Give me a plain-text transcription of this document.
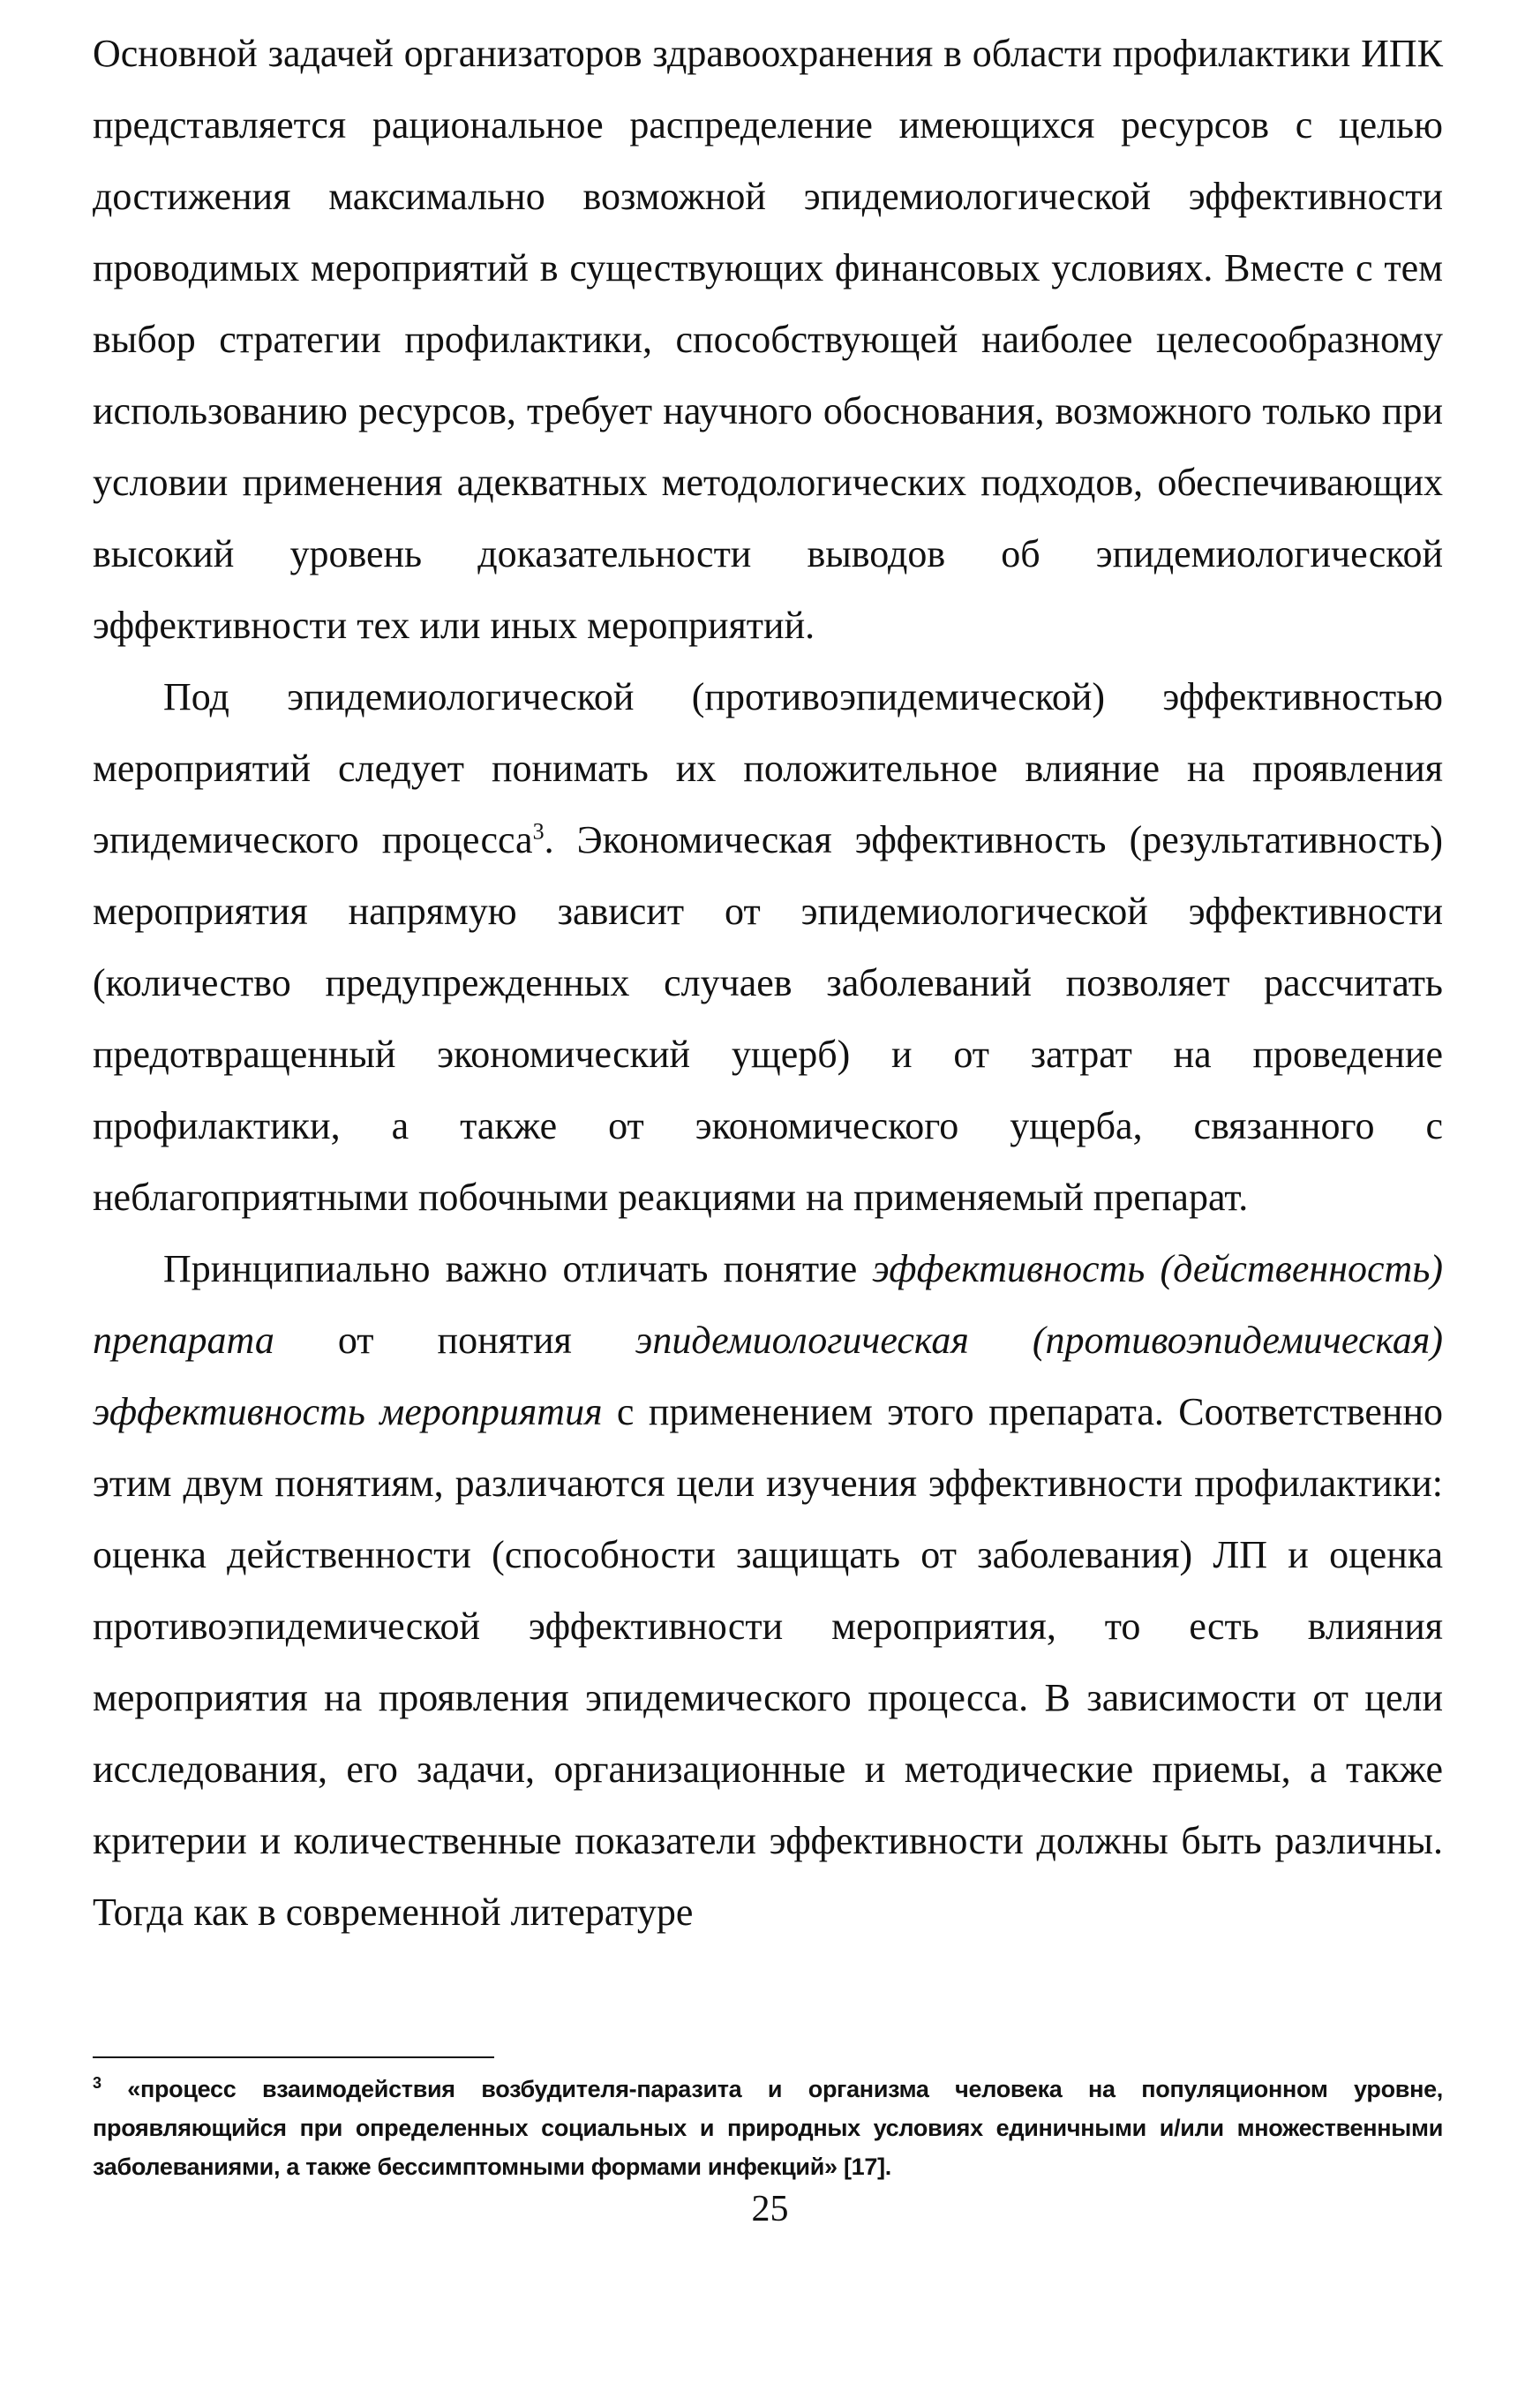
Основной задачей организаторов здравоохранения в области профилактики ИПК представляется рациональное распределение имеющихся ресурсов с целью достижения максимально возможной эпидемиологической эффективности проводимых мероприятий в существующих финансовых условиях. Вместе с тем выбор стратегии профилактики, способствующей наиболее целесообразному использованию ресурсов, требует научного обоснования, возможного только при условии применения адекватных методологических подходов, обеспечивающих высокий уровень доказательности выводов об эпидемиологической эффективности тех или иных мероприятий.

Под эпидемиологической (противоэпидемической) эффективностью мероприятий следует понимать их положительное влияние на проявления эпидемического процесса$^3$. Экономическая эффективность (результативность) мероприятия напрямую зависит от эпидемиологической эффективности (количество предупрежденных случаев заболеваний позволяет рассчитать предотвращенный экономический ущерб) и от затрат на проведение профилактики, а также от экономического ущерба, связанного с неблагоприятными побочными реакциями на применяемый препарат.

Принципиально важно отличать понятие эффективность (действенность) препарата от понятия эпидемиологическая (противоэпидемическая) эффективность мероприятия с применением этого препарата. Соответственно этим двум понятиям, различаются цели изучения эффективности профилактики: оценка действенности (способности защищать от заболевания) ЛП и оценка противоэпидемической эффективности мероприятия, то есть влияния мероприятия на проявления эпидемического процесса. В зависимости от цели исследования, его задачи, организационные и методические приемы, а также критерии и количественные показатели эффективности должны быть различны. Тогда как в современной литературе

$^3$ «процесс взаимодействия возбудителя-паразита и организма человека на популяционном уровне, проявляющийся при определенных социальных и природных условиях единичными и/или множественными заболеваниями, а также бессимптомными формами инфекций» [17].
25
